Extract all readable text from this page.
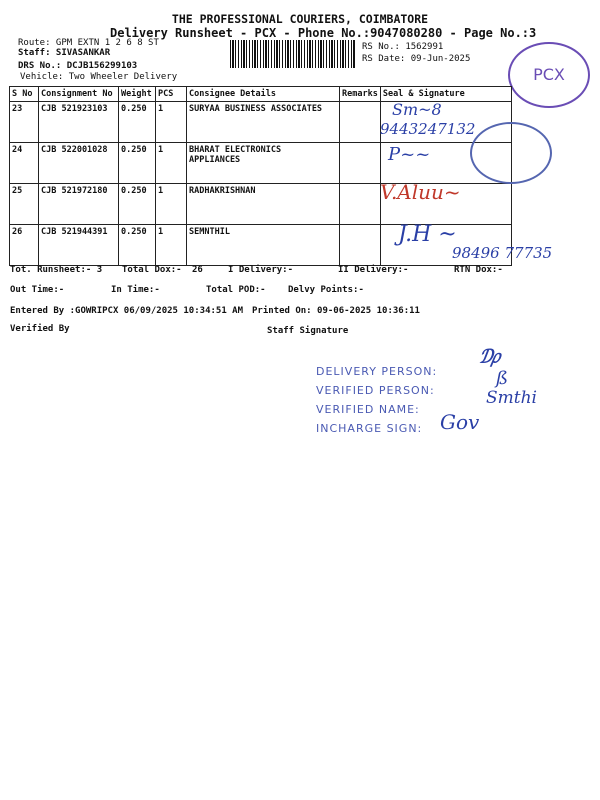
THE PROFESSIONAL COURIERS, COIMBATORE
Delivery Runsheet - PCX - Phone No.:9047080280 - Page No.:3
Route: GPM EXTN 1 2 6 8 ST
Staff: SIVASANKAR
DRS No.: DCJB156299103
Vehicle: Two Wheeler Delivery
RS No.: 1562991
RS Date: 09-Jun-2025
PCX
S No	Consignment No	Weight	PCS	Consignee Details	Remarks	Seal & Signature
23	CJB 521923103	0.250	1	SURYAA BUSINESS ASSOCIATES		
24	CJB 522001028	0.250	1	BHARAT ELECTRONICS APPLIANCES		
25	CJB 521972180	0.250	1	RADHAKRISHNAN		
26	CJB 521944391	0.250	1	SEMNTHIL		
Sm~8
9443247132
P~~
V.Aluu~
J.H ~
98496 77735
Tot. Runsheet:- 3 Total Dox:- 26	I Delivery:-	II Delivery:-	RTN Dox:-
Out Time:-	In Time:-	Total POD:- Delvy Points:-
Entered By :GOWRIPCX 06/09/2025 10:34:51 AM Printed On: 09-06-2025 10:36:11
Verified By	Staff Signature
DELIVERY PERSON:
VERIFIED PERSON:
VERIFIED NAME:
INCHARGE SIGN:
₯
ß
Smthi
Gov
